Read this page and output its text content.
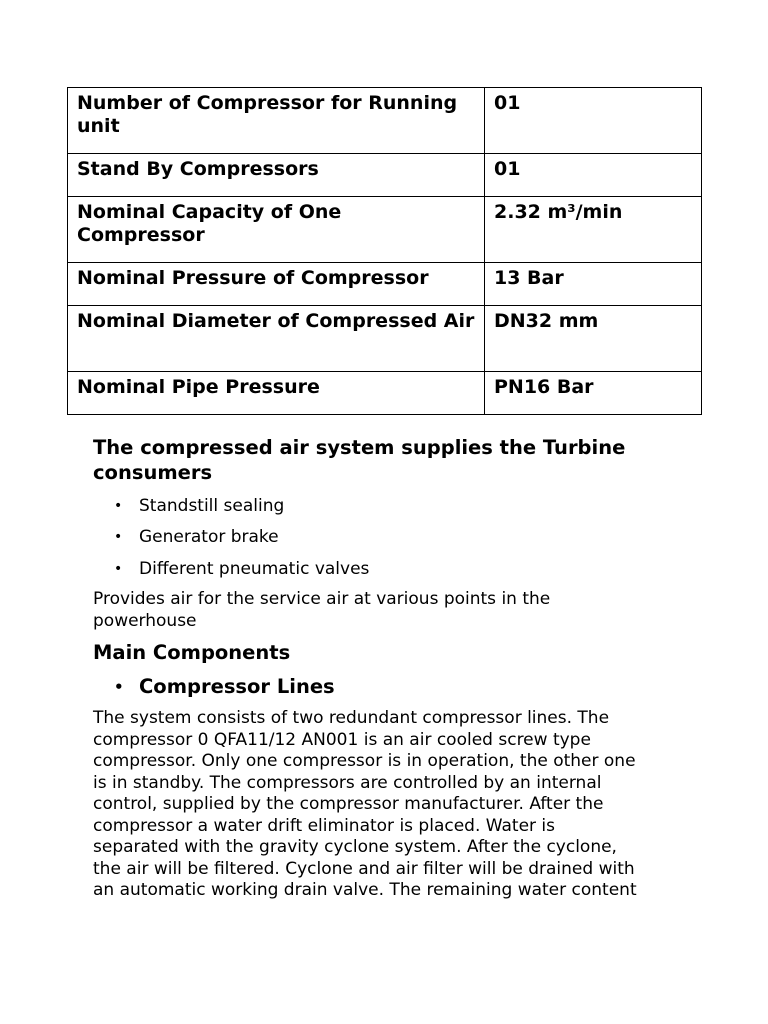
Number of Compressor for Running unit	01
Stand By Compressors	01
Nominal Capacity of One Compressor	2.32 m³/min
Nominal Pressure of Compressor	13 Bar
Nominal Diameter of Compressed Air	DN32 mm
Nominal Pipe Pressure	PN16 Bar

The compressed air system supplies the Turbine consumers

• Standstill sealing
• Generator brake
• Different pneumatic valves

Provides air for the service air at various points in the powerhouse

Main Components

• Compressor Lines
The system consists of two redundant compressor lines. The
compressor 0 QFA11/12 AN001 is an air cooled screw type
compressor. Only one compressor is in operation, the other one
is in standby. The compressors are controlled by an internal
control, supplied by the compressor manufacturer. After the
compressor a water drift eliminator is placed. Water is
separated with the gravity cyclone system. After the cyclone,
the air will be filtered. Cyclone and air filter will be drained with
an automatic working drain valve. The remaining water content
